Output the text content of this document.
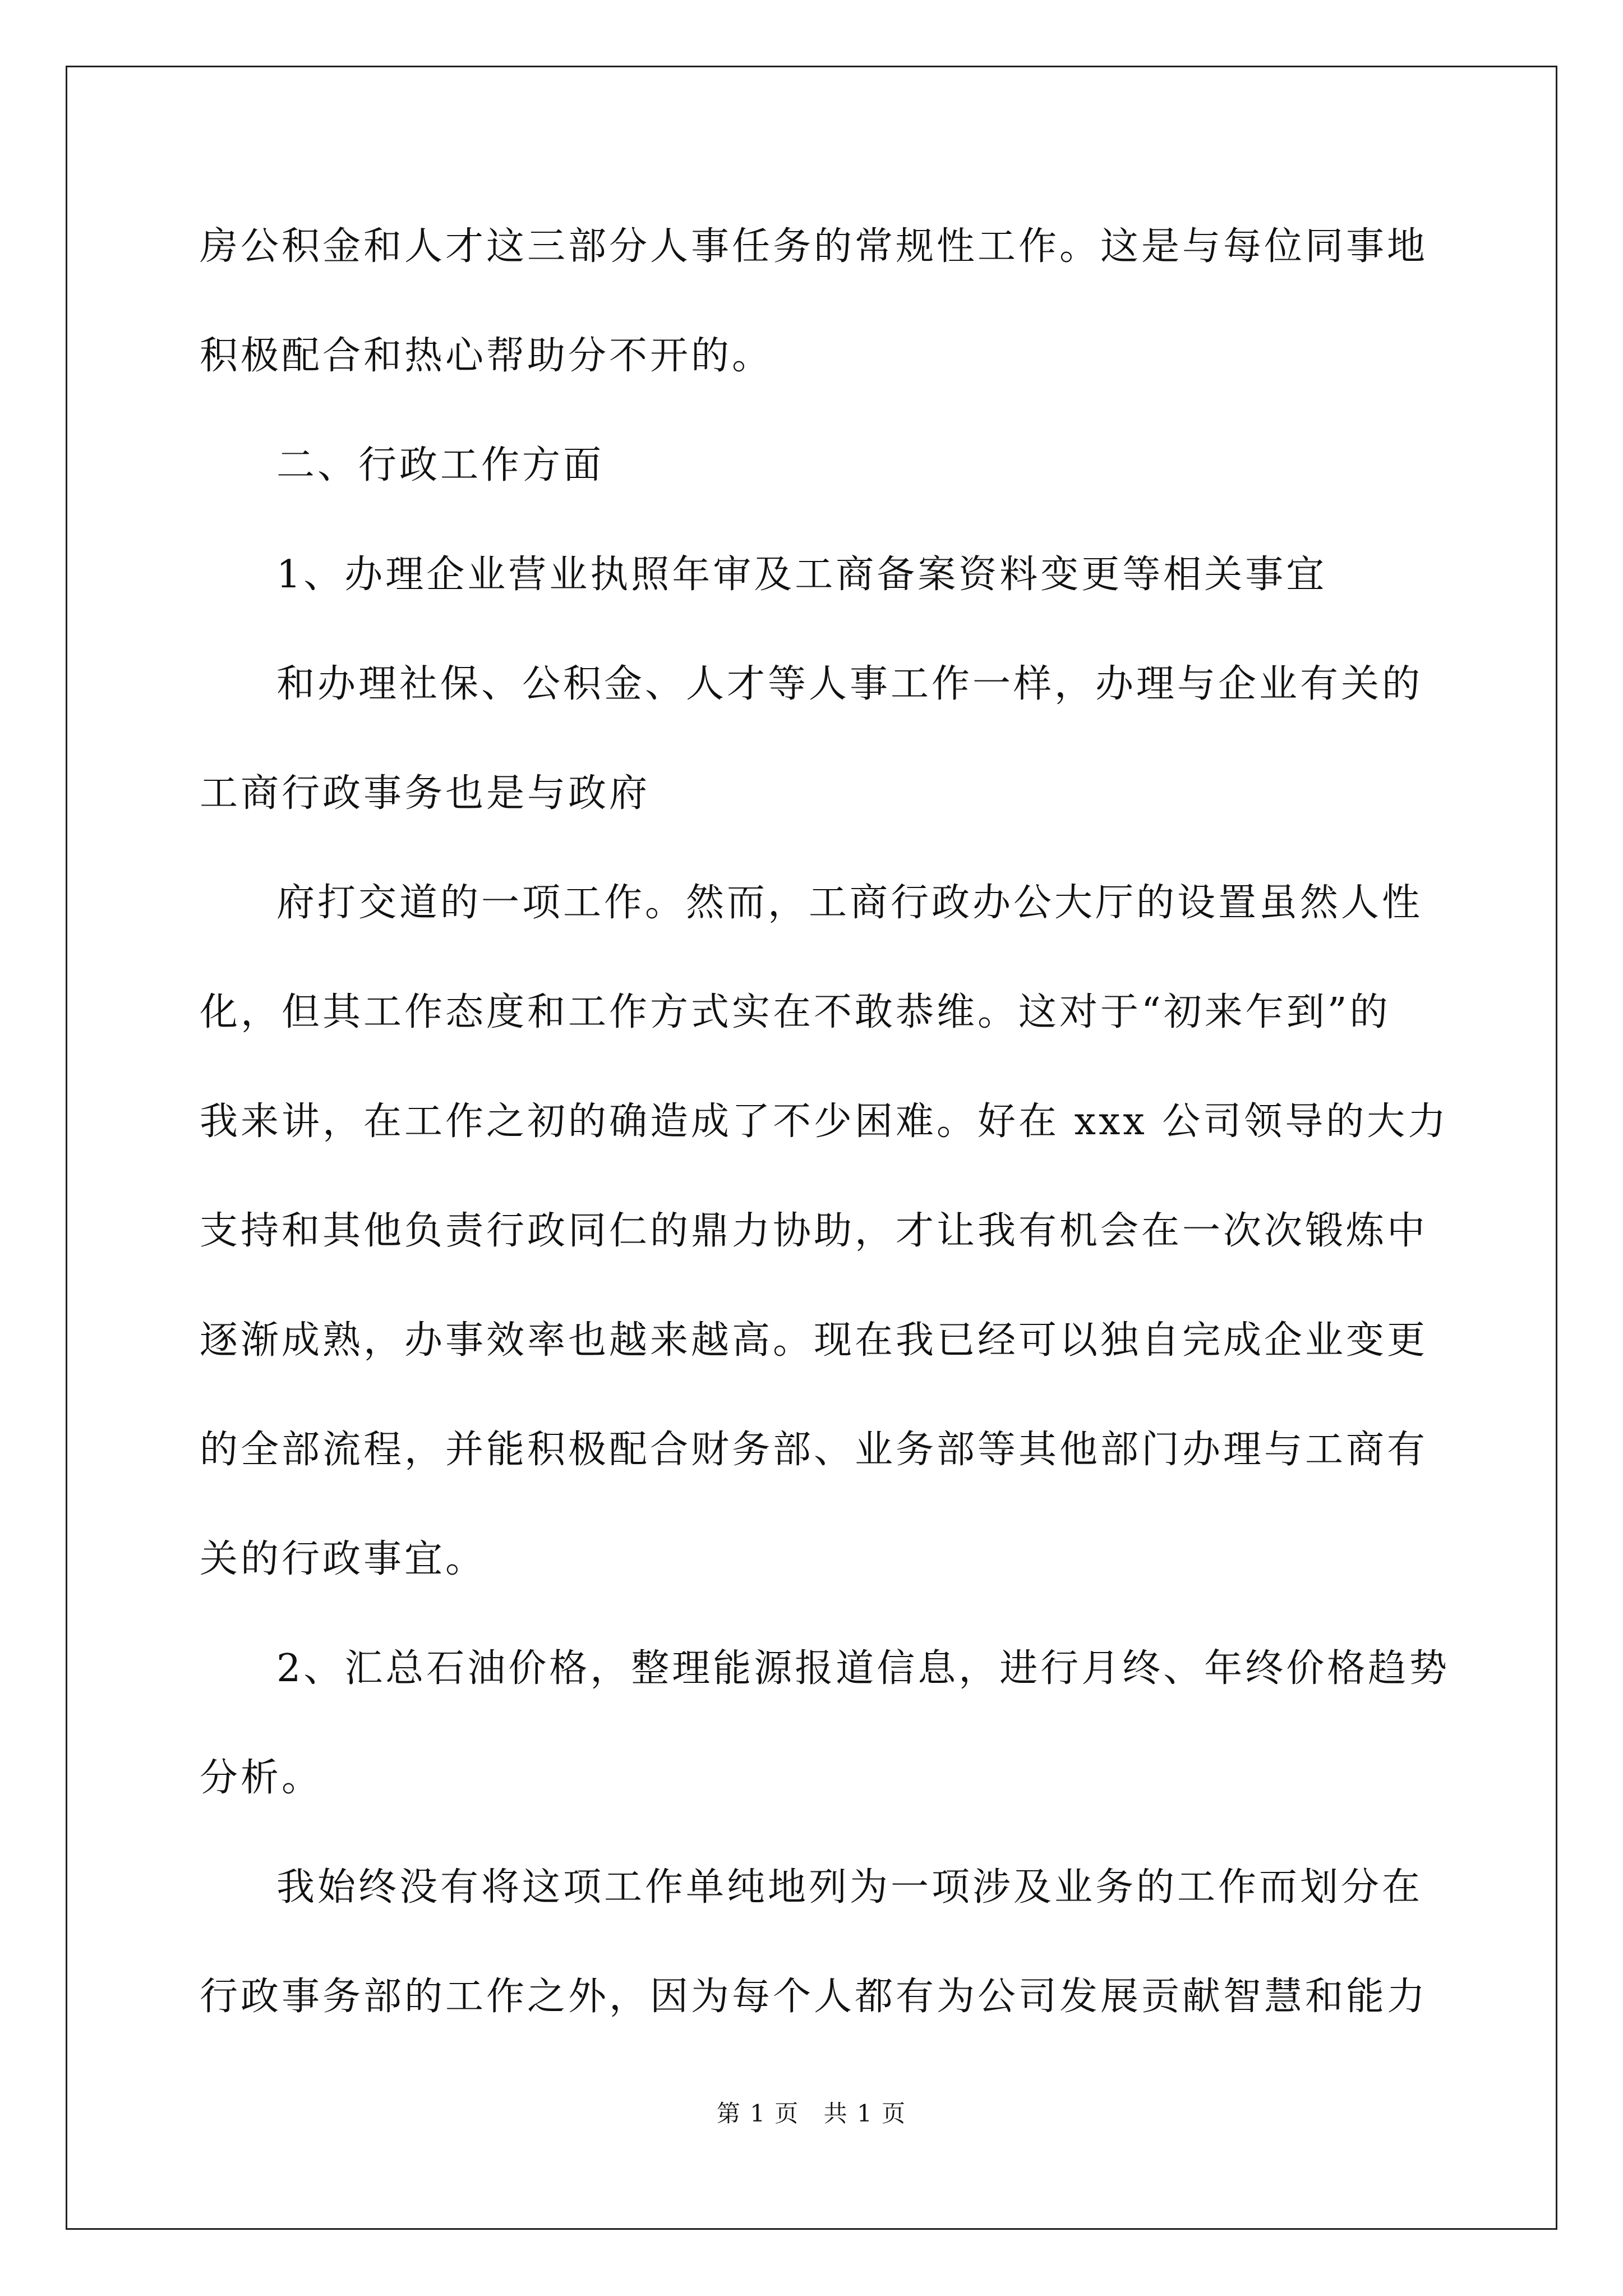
房公积金和人才这三部分人事任务的常规性工作。这是与每位同事地
积极配合和热心帮助分不开的。
二、行政工作方面
1、办理企业营业执照年审及工商备案资料变更等相关事宜
和办理社保、公积金、人才等人事工作一样，办理与企业有关的
工商行政事务也是与政府
府打交道的一项工作。然而，工商行政办公大厅的设置虽然人性
化，但其工作态度和工作方式实在不敢恭维。这对于“初来乍到”的
我来讲，在工作之初的确造成了不少困难。好在 xxx 公司领导的大力
支持和其他负责行政同仁的鼎力协助，才让我有机会在一次次锻炼中
逐渐成熟，办事效率也越来越高。现在我已经可以独自完成企业变更
的全部流程，并能积极配合财务部、业务部等其他部门办理与工商有
关的行政事宜。
2、汇总石油价格，整理能源报道信息，进行月终、年终价格趋势
分析。
我始终没有将这项工作单纯地列为一项涉及业务的工作而划分在
行政事务部的工作之外，因为每个人都有为公司发展贡献智慧和能力
第 1 页 共 1 页
